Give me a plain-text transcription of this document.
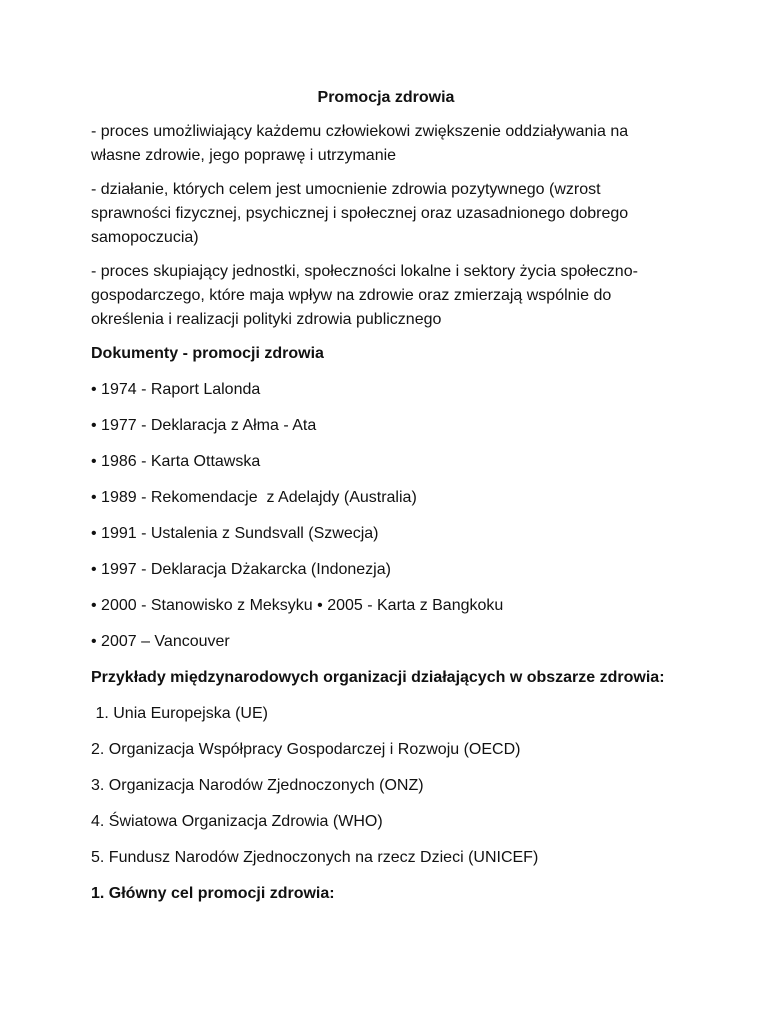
Promocja zdrowia
- proces umożliwiający każdemu człowiekowi zwiększenie oddziaływania na własne zdrowie, jego poprawę i utrzymanie
- działanie, których celem jest umocnienie zdrowia pozytywnego (wzrost sprawności fizycznej, psychicznej i społecznej oraz uzasadnionego dobrego samopoczucia)
- proces skupiający jednostki, społeczności lokalne i sektory życia społeczno-gospodarczego, które maja wpływ na zdrowie oraz zmierzają wspólnie do określenia i realizacji polityki zdrowia publicznego
Dokumenty - promocji zdrowia
• 1974 - Raport Lalonda
• 1977 - Deklaracja z Ałma - Ata
• 1986 - Karta Ottawska
• 1989 - Rekomendacje  z Adelajdy (Australia)
• 1991 - Ustalenia z Sundsvall (Szwecja)
• 1997 - Deklaracja Dżakarcka (Indonezja)
• 2000 - Stanowisko z Meksyku • 2005 - Karta z Bangkoku
• 2007 – Vancouver
Przykłady międzynarodowych organizacji działających w obszarze zdrowia:
1. Unia Europejska (UE)
2. Organizacja Współpracy Gospodarczej i Rozwoju (OECD)
3. Organizacja Narodów Zjednoczonych (ONZ)
4. Światowa Organizacja Zdrowia (WHO)
5. Fundusz Narodów Zjednoczonych na rzecz Dzieci (UNICEF)
1. Główny cel promocji zdrowia:
